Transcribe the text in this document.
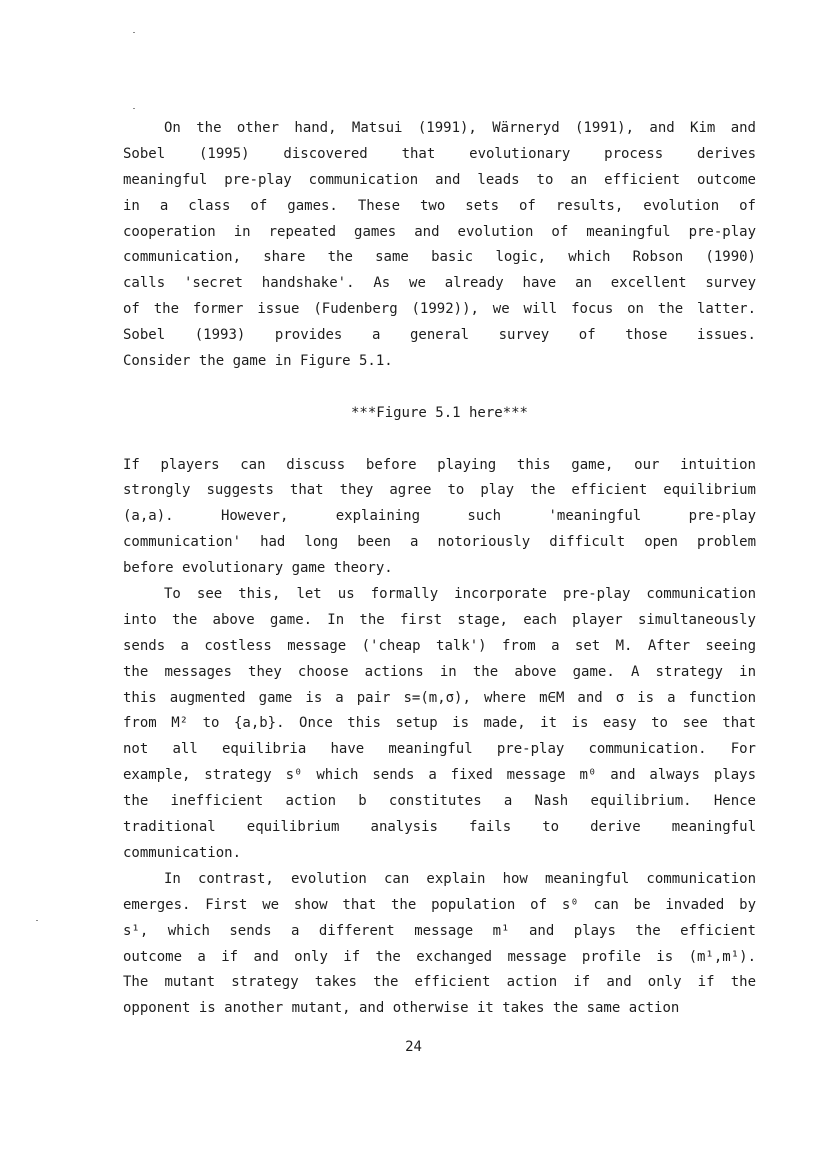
On the other hand, Matsui (1991), Wärneryd (1991), and Kim and
Sobel (1995) discovered that evolutionary process derives
meaningful pre-play communication and leads to an efficient outcome
in a class of games. These two sets of results, evolution of
cooperation in repeated games and evolution of meaningful pre-play
communication, share the same basic logic, which Robson (1990)
calls 'secret handshake'. As we already have an excellent survey
of the former issue (Fudenberg (1992)), we will focus on the latter.
Sobel (1993) provides a general survey of those issues.
Consider the game in Figure 5.1.
***Figure 5.1 here***
If players can discuss before playing this game, our intuition
strongly suggests that they agree to play the efficient equilibrium
(a,a). However, explaining such 'meaningful pre-play
communication' had long been a notoriously difficult open problem
before evolutionary game theory.
To see this, let us formally incorporate pre-play communication
into the above game. In the first stage, each player simultaneously
sends a costless message ('cheap talk') from a set M. After seeing
the messages they choose actions in the above game. A strategy in
this augmented game is a pair s=(m,σ), where m∈M and σ is a function
from M² to {a,b}. Once this setup is made, it is easy to see that
not all equilibria have meaningful pre-play communication. For
example, strategy s⁰ which sends a fixed message m⁰ and always plays
the inefficient action b constitutes a Nash equilibrium. Hence
traditional equilibrium analysis fails to derive meaningful
communication.
In contrast, evolution can explain how meaningful communication
emerges. First we show that the population of s⁰ can be invaded by
s¹, which sends a different message m¹ and plays the efficient
outcome a if and only if the exchanged message profile is (m¹,m¹).
The mutant strategy takes the efficient action if and only if the
opponent is another mutant, and otherwise it takes the same action
24
